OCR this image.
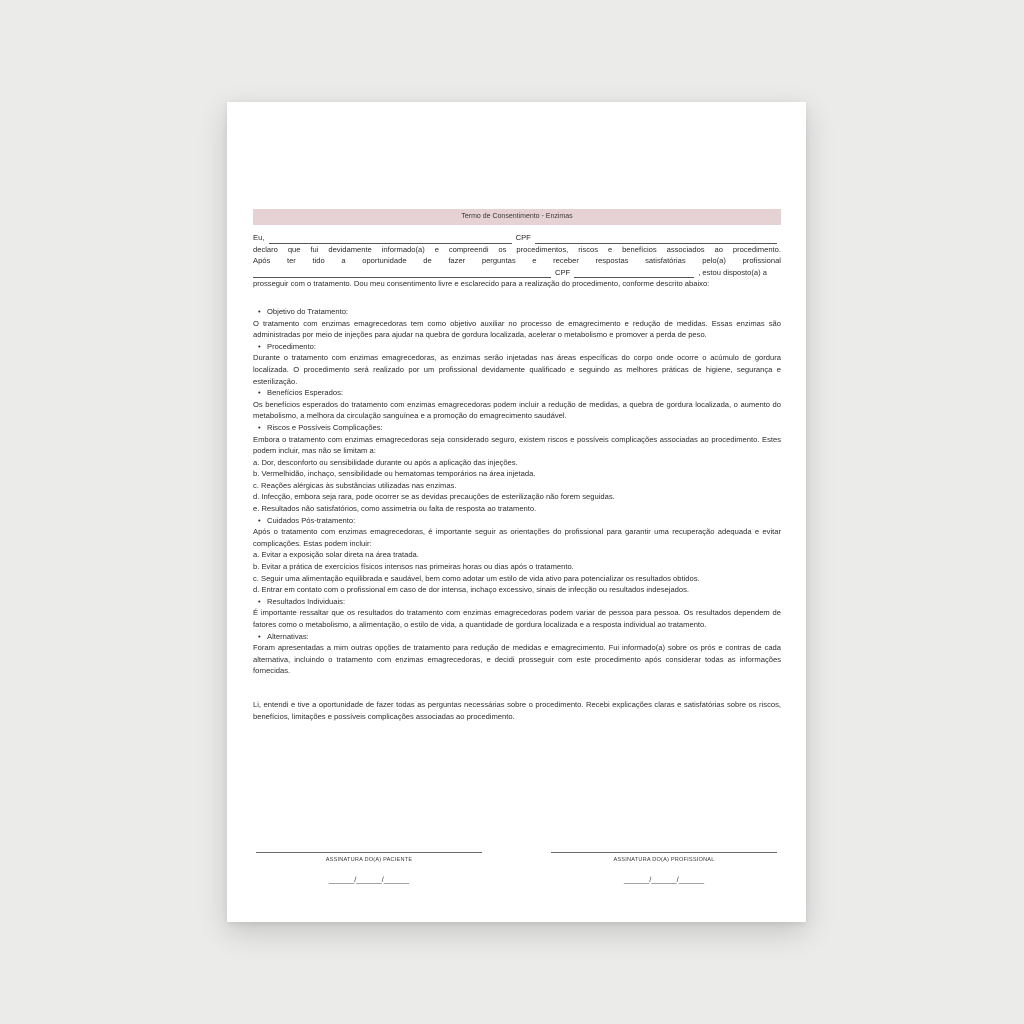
Termo de Consentimento - Enzimas
Eu,	CPF

declaro que fui devidamente informado(a) e compreendi os procedimentos, riscos e benefícios associados ao procedimento.

Após ter tido a oportunidade de fazer perguntas e receber respostas satisfatórias pelo(a) profissional

CPF	, estou disposto(a) a

prosseguir com o tratamento. Dou meu consentimento livre e esclarecido para a realização do procedimento, conforme descrito abaixo:

• Objetivo do Tratamento:

O tratamento com enzimas emagrecedoras tem como objetivo auxiliar no processo de emagrecimento e redução de medidas. Essas enzimas são administradas por meio de injeções para ajudar na quebra de gordura localizada, acelerar o metabolismo e promover a perda de peso.

• Procedimento:

Durante o tratamento com enzimas emagrecedoras, as enzimas serão injetadas nas áreas específicas do corpo onde ocorre o acúmulo de gordura localizada. O procedimento será realizado por um profissional devidamente qualificado e seguindo as melhores práticas de higiene, segurança e esterilização.

• Benefícios Esperados:

Os benefícios esperados do tratamento com enzimas emagrecedoras podem incluir a redução de medidas, a quebra de gordura localizada, o aumento do metabolismo, a melhora da circulação sanguínea e a promoção do emagrecimento saudável.

• Riscos e Possíveis Complicações:

Embora o tratamento com enzimas emagrecedoras seja considerado seguro, existem riscos e possíveis complicações associadas ao procedimento. Estes podem incluir, mas não se limitam a:

a. Dor, desconforto ou sensibilidade durante ou após a aplicação das injeções.

b. Vermelhidão, inchaço, sensibilidade ou hematomas temporários na área injetada.

c. Reações alérgicas às substâncias utilizadas nas enzimas.

d. Infecção, embora seja rara, pode ocorrer se as devidas precauções de esterilização não forem seguidas.

e. Resultados não satisfatórios, como assimetria ou falta de resposta ao tratamento.

• Cuidados Pós-tratamento:

Após o tratamento com enzimas emagrecedoras, é importante seguir as orientações do profissional para garantir uma recuperação adequada e evitar complicações. Estas podem incluir:

a. Evitar a exposição solar direta na área tratada.

b. Evitar a prática de exercícios físicos intensos nas primeiras horas ou dias após o tratamento.

c. Seguir uma alimentação equilibrada e saudável, bem como adotar um estilo de vida ativo para potencializar os resultados obtidos.

d. Entrar em contato com o profissional em caso de dor intensa, inchaço excessivo, sinais de infecção ou resultados indesejados.

• Resultados Individuais:

É importante ressaltar que os resultados do tratamento com enzimas emagrecedoras podem variar de pessoa para pessoa. Os resultados dependem de fatores como o metabolismo, a alimentação, o estilo de vida, a quantidade de gordura localizada e a resposta individual ao tratamento.

• Alternativas:

Foram apresentadas a mim outras opções de tratamento para redução de medidas e emagrecimento. Fui informado(a) sobre os prós e contras de cada alternativa, incluindo o tratamento com enzimas emagrecedoras, e decidi prosseguir com este procedimento após considerar todas as informações fornecidas.

Li, entendi e tive a oportunidade de fazer todas as perguntas necessárias sobre o procedimento. Recebi explicações claras e satisfatórias sobre os riscos, benefícios, limitações e possíveis complicações associadas ao procedimento.

ASSINATURA DO(A) PACIENTE
______/______/______
ASSINATURA DO(A) PROFISSIONAL
______/______/______
